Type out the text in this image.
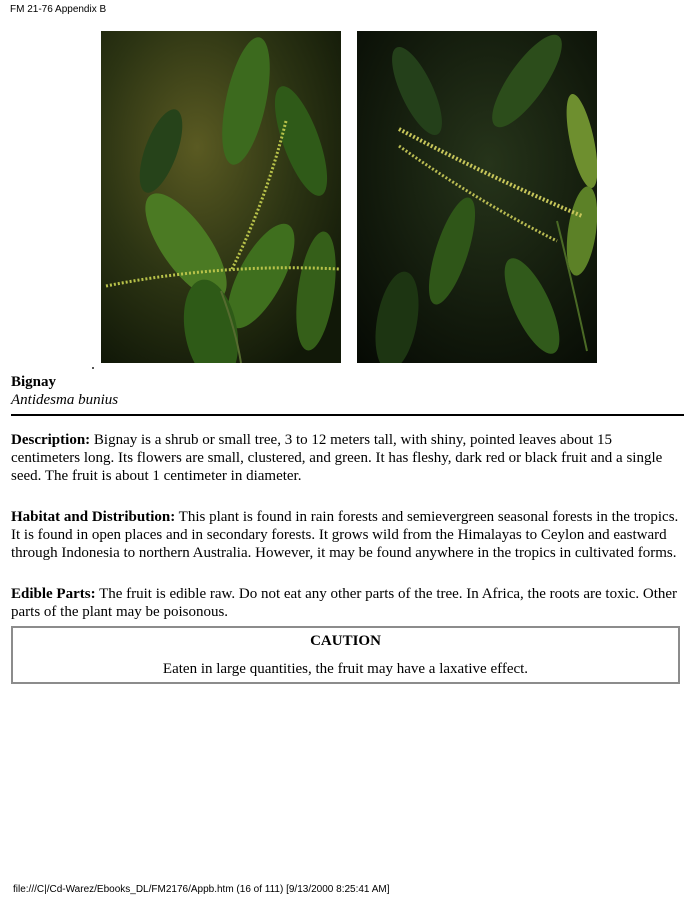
FM 21-76 Appendix B
Bignay
Antidesma bunius

Description: Bignay is a shrub or small tree, 3 to 12 meters tall, with shiny, pointed leaves about 15 centimeters long. Its flowers are small, clustered, and green. It has fleshy, dark red or black fruit and a single seed. The fruit is about 1 centimeter in diameter.

Habitat and Distribution: This plant is found in rain forests and semievergreen seasonal forests in the tropics. It is found in open places and in secondary forests. It grows wild from the Himalayas to Ceylon and eastward through Indonesia to northern Australia. However, it may be found anywhere in the tropics in cultivated forms.

Edible Parts: The fruit is edible raw. Do not eat any other parts of the tree. In Africa, the roots are toxic. Other parts of the plant may be poisonous.

CAUTION
Eaten in large quantities, the fruit may have a laxative effect.
file:///C|/Cd-Warez/Ebooks_DL/FM2176/Appb.htm (16 of 111) [9/13/2000 8:25:41 AM]
